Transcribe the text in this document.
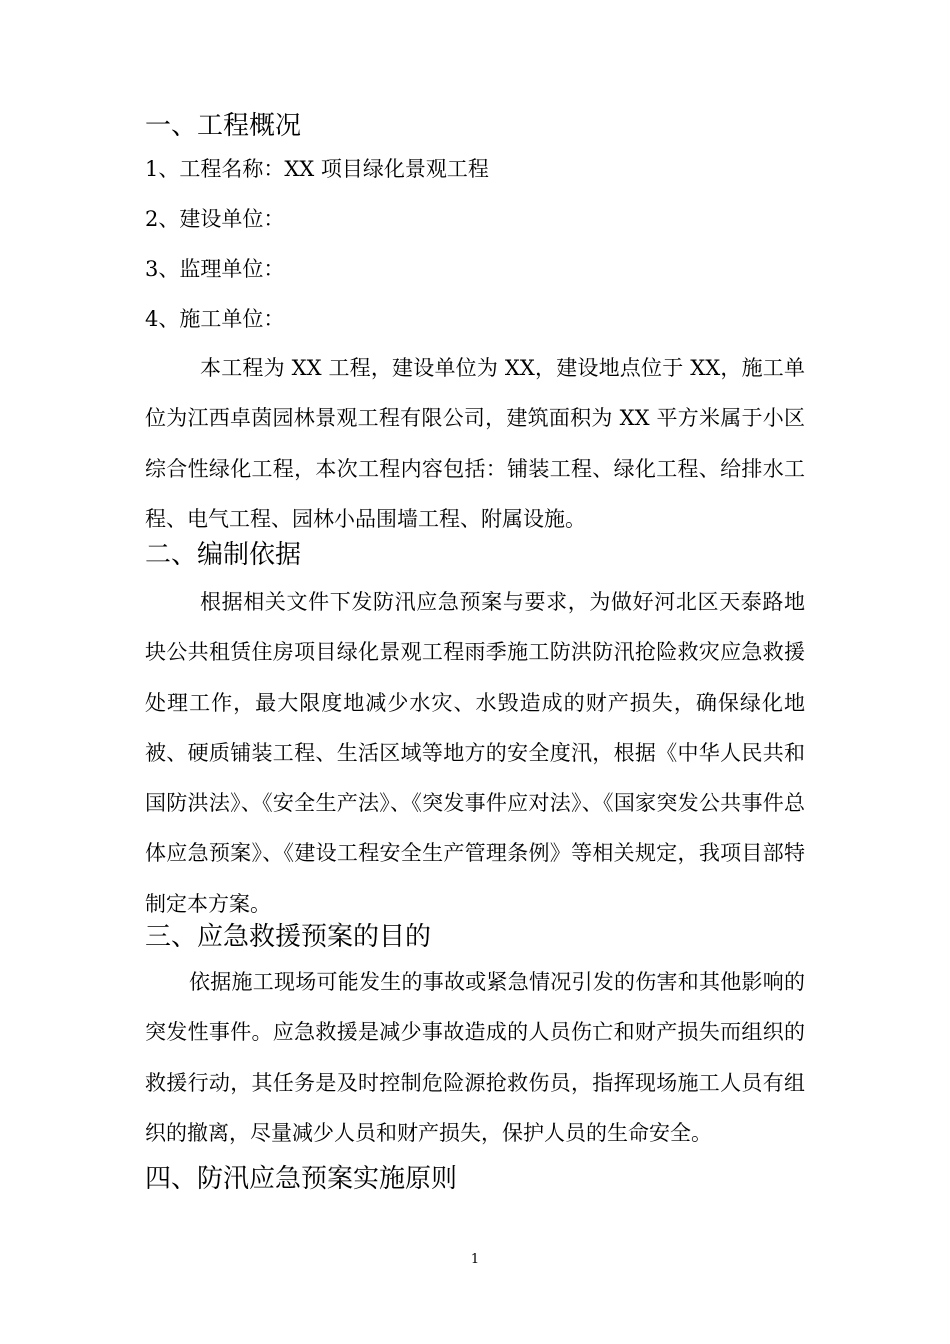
一、工程概况

1、工程名称：XX 项目绿化景观工程

2、建设单位：

3、监理单位：

4、施工单位：

本工程为 XX 工程，建设单位为 XX，建设地点位于 XX，施工单位为江西卓茵园林景观工程有限公司，建筑面积为 XX 平方米属于小区综合性绿化工程，本次工程内容包括：铺装工程、绿化工程、给排水工程、电气工程、园林小品围墙工程、附属设施。

二、编制依据

根据相关文件下发防汛应急预案与要求，为做好河北区天泰路地块公共租赁住房项目绿化景观工程雨季施工防洪防汛抢险救灾应急救援处理工作，最大限度地减少水灾、水毁造成的财产损失，确保绿化地被、硬质铺装工程、生活区域等地方的安全度汛，根据《中华人民共和国防洪法》、《安全生产法》、《突发事件应对法》、《国家突发公共事件总体应急预案》、《建设工程安全生产管理条例》等相关规定，我项目部特制定本方案。

三、应急救援预案的目的

依据施工现场可能发生的事故或紧急情况引发的伤害和其他影响的突发性事件。应急救援是减少事故造成的人员伤亡和财产损失而组织的救援行动，其任务是及时控制危险源抢救伤员，指挥现场施工人员有组织的撤离，尽量减少人员和财产损失，保护人员的生命安全。

四、防汛应急预案实施原则
1
